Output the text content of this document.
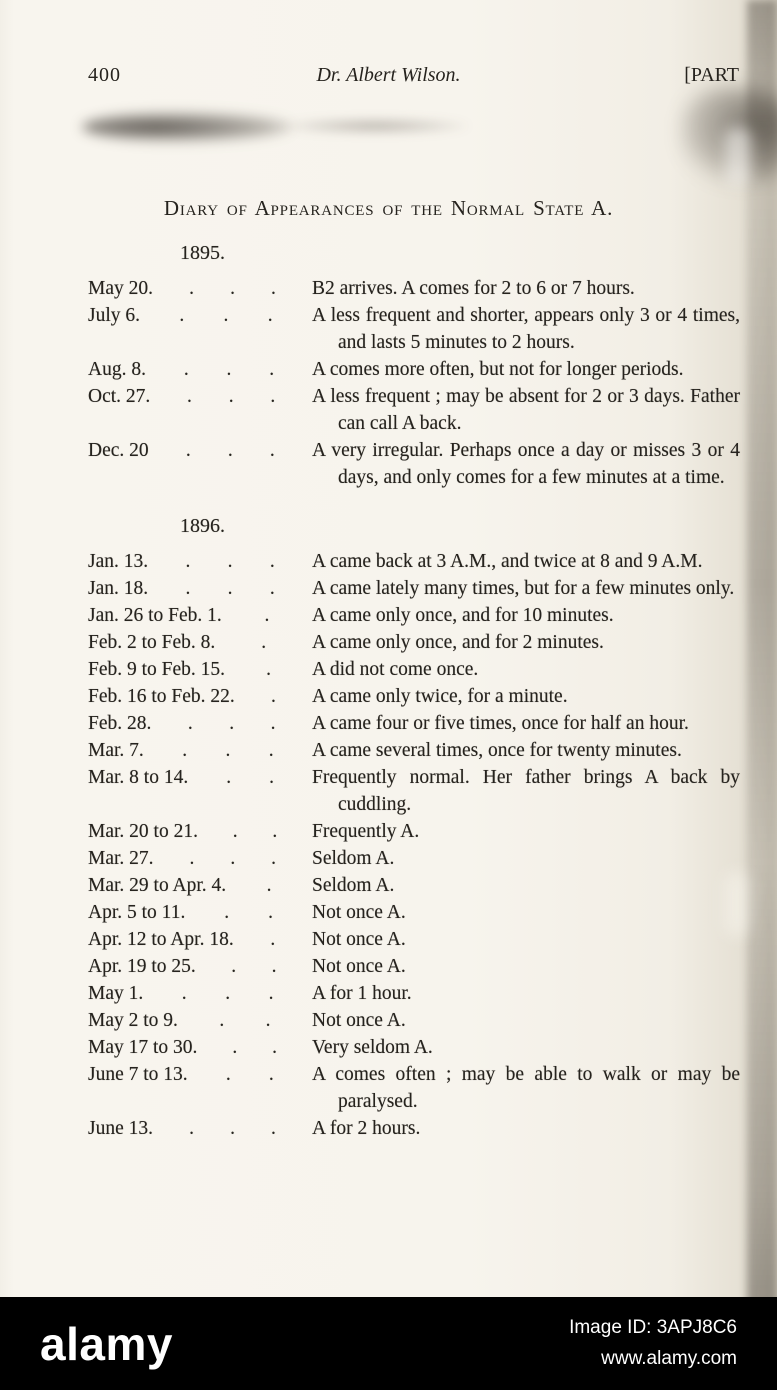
400	Dr. Albert Wilson.	[PART
Diary of Appearances of the Normal State A.
1895.
May 20. . . . B2 arrives. A comes for 2 to 6 or 7 hours.
July 6. . . . A less frequent and shorter, appears only 3 or 4 times, and lasts 5 minutes to 2 hours.
Aug. 8. . . . A comes more often, but not for longer periods.
Oct. 27. . . . A less frequent ; may be absent for 2 or 3 days. Father can call A back.
Dec. 20 . . . A very irregular. Perhaps once a day or misses 3 or 4 days, and only comes for a few minutes at a time.
1896.
Jan. 13. . . . A came back at 3 A.M., and twice at 8 and 9 A.M.
Jan. 18. . . . A came lately many times, but for a few minutes only.
Jan. 26 to Feb. 1. . A came only once, and for 10 minutes.
Feb. 2 to Feb. 8. . A came only once, and for 2 minutes.
Feb. 9 to Feb. 15. . A did not come once.
Feb. 16 to Feb. 22. . A came only twice, for a minute.
Feb. 28. . . . A came four or five times, once for half an hour.
Mar. 7. . . . A came several times, once for twenty minutes.
Mar. 8 to 14. . . Frequently normal. Her father brings A back by cuddling.
Mar. 20 to 21. . . Frequently A.
Mar. 27. . . . Seldom A.
Mar. 29 to Apr. 4. . Seldom A.
Apr. 5 to 11. . . Not once A.
Apr. 12 to Apr. 18. . Not once A.
Apr. 19 to 25. . . Not once A.
May 1. . . . A for 1 hour.
May 2 to 9. . . Not once A.
May 17 to 30. . . Very seldom A.
June 7 to 13. . . A comes often ; may be able to walk or may be paralysed.
June 13. . . . A for 2 hours.
alamy	Image ID: 3APJ8C6
www.alamy.com
